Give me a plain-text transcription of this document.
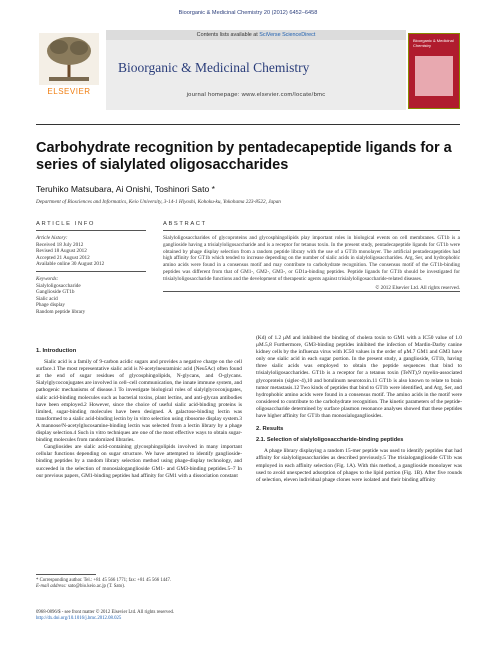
Bioorganic & Medicinal Chemistry 20 (2012) 6452–6458
ELSEVIER
Contents lists available at SciVerse ScienceDirect
Bioorganic & Medicinal Chemistry
journal homepage: www.elsevier.com/locate/bmc
Bioorganic & Medicinal Chemistry
Carbohydrate recognition by pentadecapeptide ligands for a series of sialylated oligosaccharides
Teruhiko Matsubara, Ai Onishi, Toshinori Sato *
Department of Biosciences and Informatics, Keio University, 3-14-1 Hiyoshi, Kohoku-ku, Yokohama 223-8522, Japan
ARTICLE INFO
Article history:
Received 18 July 2012
Revised 18 August 2012
Accepted 21 August 2012
Available online 30 August 2012
Keywords:
Sialyloligosaccharide
Ganglioside GT1b
Sialic acid
Phage display
Random peptide library
ABSTRACT
Sialyloligosaccharides of glycoproteins and glycosphingolipids play important roles in biological events on cell membranes. GT1b is a ganglioside having a trisialyloligosaccharide and is a receptor for tetanus toxin. In the present study, pentadecapeptide ligands for GT1b were obtained by phage display selection from a random peptide library with the use of a GT1b monolayer. The artificial pentadecapeptides had high affinity for GT1b which tended to increase depending on the number of sialic acids in sialyloligosaccharides. Arg, Ser, and hydrophobic amino acids were found in a consensus motif and may contribute to carbohydrate recognition. The consensus motif of the GT1b-binding peptides was different from that of GM1-, GM2-, GM3-, or GD1a-binding peptides. Peptide ligands for GT1b should be investigated for trisialyloligosaccharide functions and the development of therapeutic agents against trisialyloligosaccharide-related diseases.
© 2012 Elsevier Ltd. All rights reserved.
1. Introduction

Sialic acid is a family of 9-carbon acidic sugars and provides a negative charge on the cell surface.1 The most representative sialic acid is N-acetylneuraminic acid (Neu5Ac) often found at the end of sugar residues of glycosphingolipids, N-glycans, and O-glycans. Sialylglycoconjugates are involved in cell–cell communication, the innate immune system, and pathogenic mechanisms of disease.1 To investigate biological roles of sialylglycoconjugates, sialic acid-binding molecules such as bacterial toxins, plant lectins, and anti-glycan antibodies have been employed.2 However, since the choice of useful sialic acid-binding proteins is limited, sugar-binding molecules have been designed. A galactose-binding lectin was transformed to a sialic acid-binding lectin by in vitro selection using ribosome display system.3 A mannose/N-acetylglucosamine-binding lectin was selected from a lectin library by a phage display selection.4 Such in vitro techniques are one of the most effective ways to obtain sugar-binding molecules from randomized libraries.

Gangliosides are sialic acid-containing glycosphingolipids involved in many important cellular functions depending on sugar structure. We have attempted to identify ganglioside-binding peptides by a random library selection method using phage-display technology, and succeeded in the selection of monosialoganglioside GM1- and GM3-binding peptides.5–7 In our previous papers, GM1-binding peptides had affinity for GM1 with a dissociation constant

(Kd) of 1.2 μM and inhibited the binding of cholera toxin to GM1 with a IC50 value of 1.0 μM.5,8 Furthermore, GM3-binding peptides inhibited the infection of Mardin-Darby canine kidney cells by the influenza virus with IC50 values in the order of μM.7 GM1 and GM3 have only one sialic acid in each sugar portion. In the present study, a ganglioside, GT1b, having three sialic acids was employed to obtain the peptide sequences that bind to trisialyloligosaccharides. GT1b is a receptor for a tetanus toxin (TeNT),9 myelin-associated glycoprotein (siglec-4),10 and botulinum neurotoxin.11 GT1b is also known to relate to brain tumor metastasis.12 Two kinds of peptides that bind to GT1b were identified, and Arg, Ser, and hydrophobic amino acids were found in a consensus motif. The amino acids in the motif were considered to contribute to the carbohydrate recognition. The kinetic parameters of the peptide-oligosaccharide determined by surface plasmon resonance analyses showed that these peptides have higher affinity for GT1b than monosialogangliosides.

2. Results
2.1. Selection of sialyloligosaccharide-binding peptides

A phage library displaying a random 15-mer peptide was used to identify peptides that had affinity for sialyloligosaccharides as described previously.5 The trisialoganglioside GT1b was employed in each affinity selection (Fig. 1A). With this method, a ganglioside monolayer was used to avoid unexpected adsorption of phages to the lipid portion (Fig. 1B). After five rounds of selection, eleven individual phage clones were isolated and their binding affinity

* Corresponding author. Tel.: +81 45 566 1771; fax: +81 45 566 1447.
E-mail address: sato@bio.keio.ac.jp (T. Sato).
0968-0896/$ - see front matter © 2012 Elsevier Ltd. All rights reserved.
http://dx.doi.org/10.1016/j.bmc.2012.08.025
